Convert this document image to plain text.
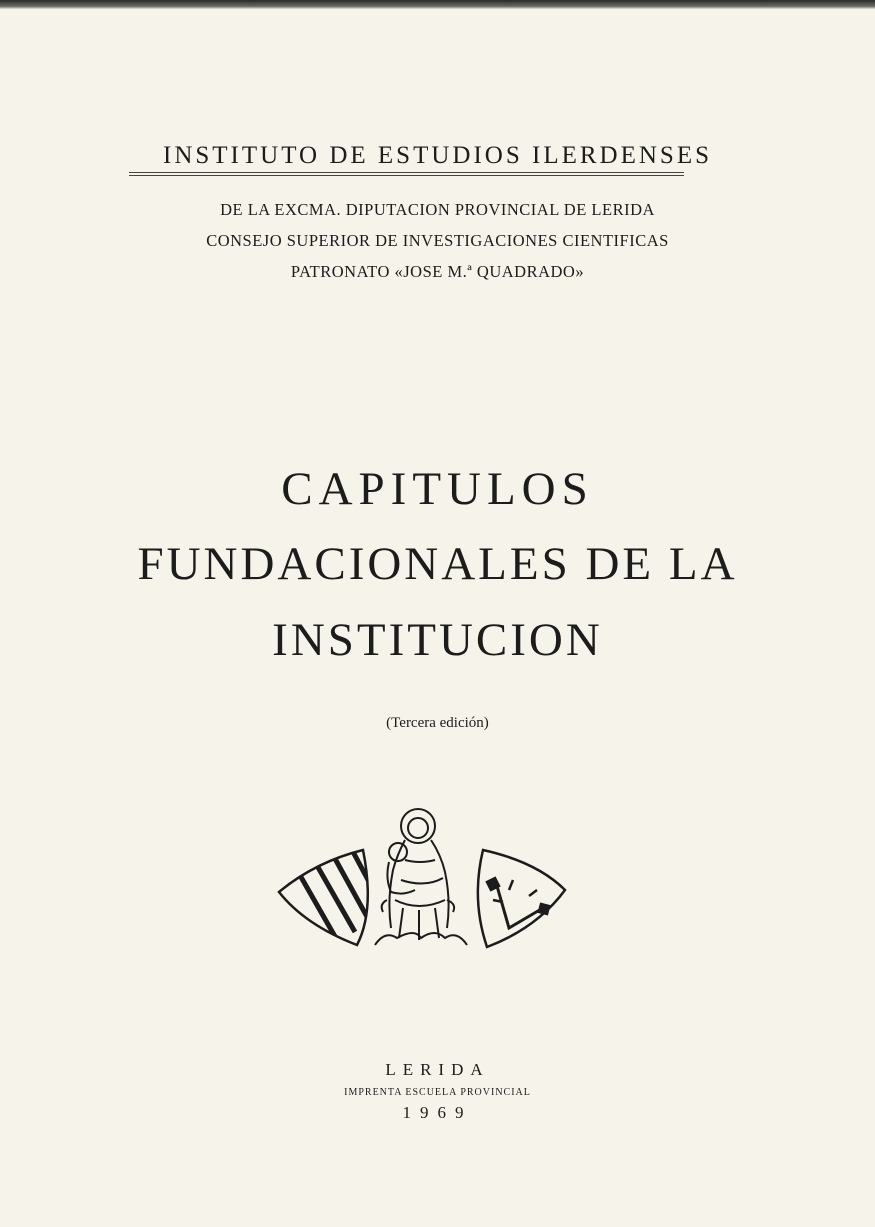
INSTITUTO DE ESTUDIOS ILERDENSES
DE LA EXCMA. DIPUTACION PROVINCIAL DE LERIDA
CONSEJO SUPERIOR DE INVESTIGACIONES CIENTIFICAS
PATRONATO «JOSE M.ª QUADRADO»
CAPITULOS
FUNDACIONALES DE LA
INSTITUCION
(Tercera edición)
LERIDA
IMPRENTA ESCUELA PROVINCIAL
1969
